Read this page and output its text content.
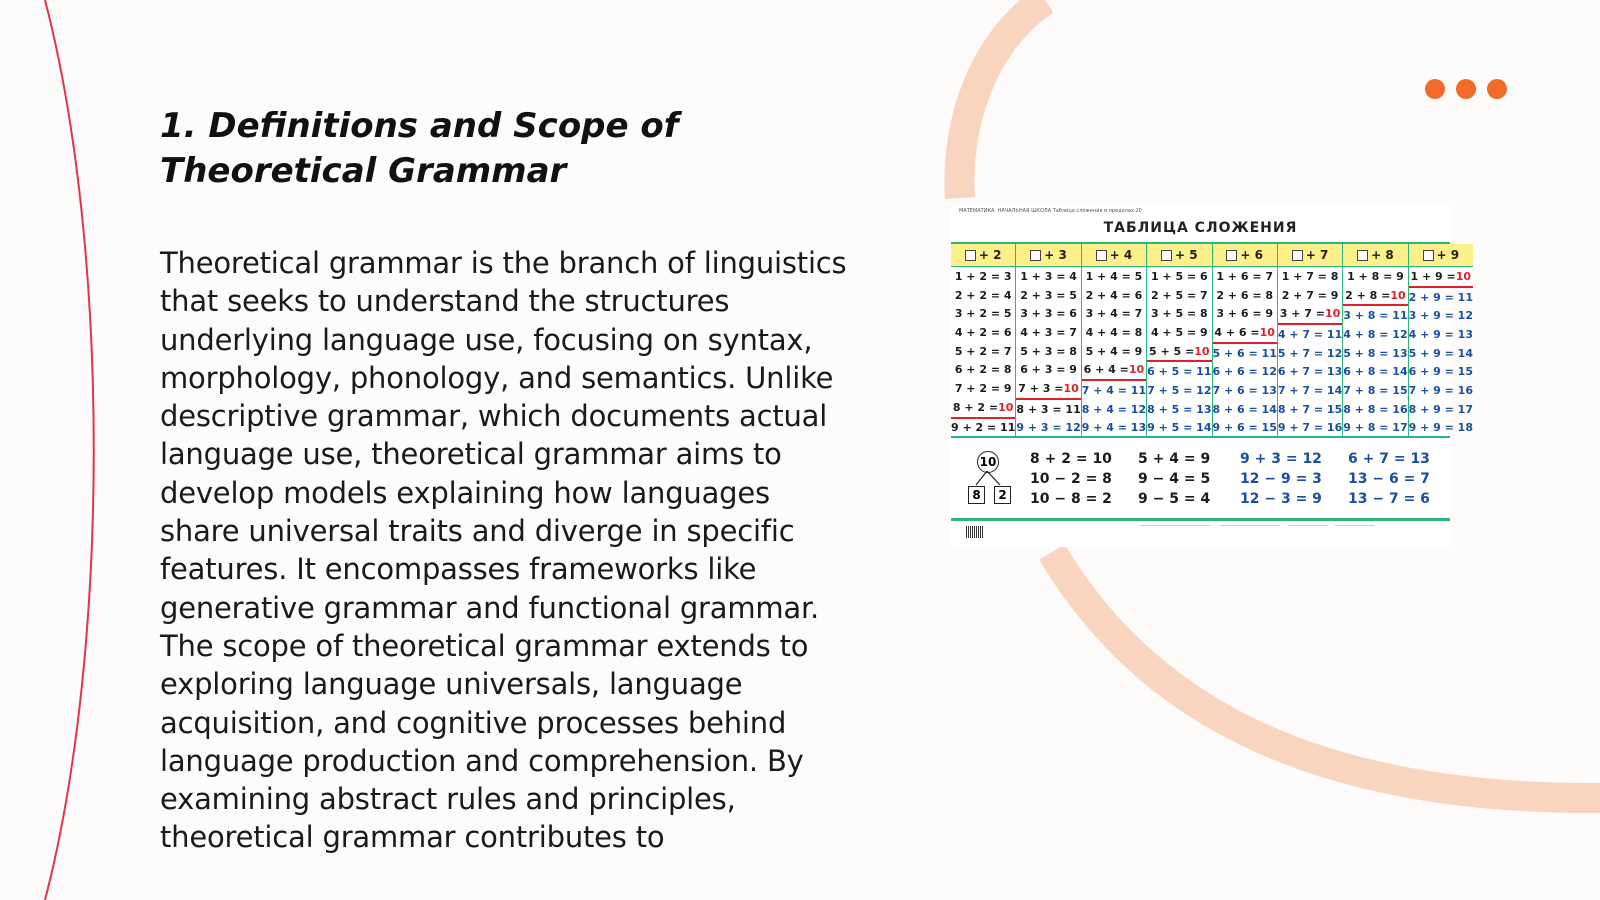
1. Definitions and Scope of Theoretical Grammar

Theoretical grammar is the branch of linguistics that seeks to understand the structures underlying language use, focusing on syntax, morphology, phonology, and semantics. Unlike descriptive grammar, which documents actual language use, theoretical grammar aims to develop models explaining how languages share universal traits and diverge in specific features. It encompasses frameworks like generative grammar and functional grammar. The scope of theoretical grammar extends to exploring language universals, language acquisition, and cognitive processes behind language production and comprehension. By examining abstract rules and principles, theoretical grammar contributes to

МАТЕМАТИКА. НАЧАЛЬНАЯ ШКОЛА Таблица сложения в пределах 20
ТАБЛИЦА СЛОЖЕНИЯ
+ 2
1 + 2 = 3
2 + 2 = 4
3 + 2 = 5
4 + 2 = 6
5 + 2 = 7
6 + 2 = 8
7 + 2 = 9
8 + 2 = 10
9 + 2 = 11
+ 3
1 + 3 = 4
2 + 3 = 5
3 + 3 = 6
4 + 3 = 7
5 + 3 = 8
6 + 3 = 9
7 + 3 = 10
8 + 3 = 11
9 + 3 = 12
+ 4
1 + 4 = 5
2 + 4 = 6
3 + 4 = 7
4 + 4 = 8
5 + 4 = 9
6 + 4 = 10
7 + 4 = 11
8 + 4 = 12
9 + 4 = 13
+ 5
1 + 5 = 6
2 + 5 = 7
3 + 5 = 8
4 + 5 = 9
5 + 5 = 10
6 + 5 = 11
7 + 5 = 12
8 + 5 = 13
9 + 5 = 14
+ 6
1 + 6 = 7
2 + 6 = 8
3 + 6 = 9
4 + 6 = 10
5 + 6 = 11
6 + 6 = 12
7 + 6 = 13
8 + 6 = 14
9 + 6 = 15
+ 7
1 + 7 = 8
2 + 7 = 9
3 + 7 = 10
4 + 7 = 11
5 + 7 = 12
6 + 7 = 13
7 + 7 = 14
8 + 7 = 15
9 + 7 = 16
+ 8
1 + 8 = 9
2 + 8 = 10
3 + 8 = 11
4 + 8 = 12
5 + 8 = 13
6 + 8 = 14
7 + 8 = 15
8 + 8 = 16
9 + 8 = 17
+ 9
1 + 9 = 10
2 + 9 = 11
3 + 9 = 12
4 + 9 = 13
5 + 9 = 14
6 + 9 = 15
7 + 9 = 16
8 + 9 = 17
9 + 9 = 18
10
8	2
8 + 2 = 10
10 − 2 = 8
10 − 8 = 2
5 + 4 = 9
9 − 4 = 5
9 − 5 = 4
9 + 3 = 12
12 − 9 = 3
12 − 3 = 9
6 + 7 = 13
13 − 6 = 7
13 − 7 = 6
